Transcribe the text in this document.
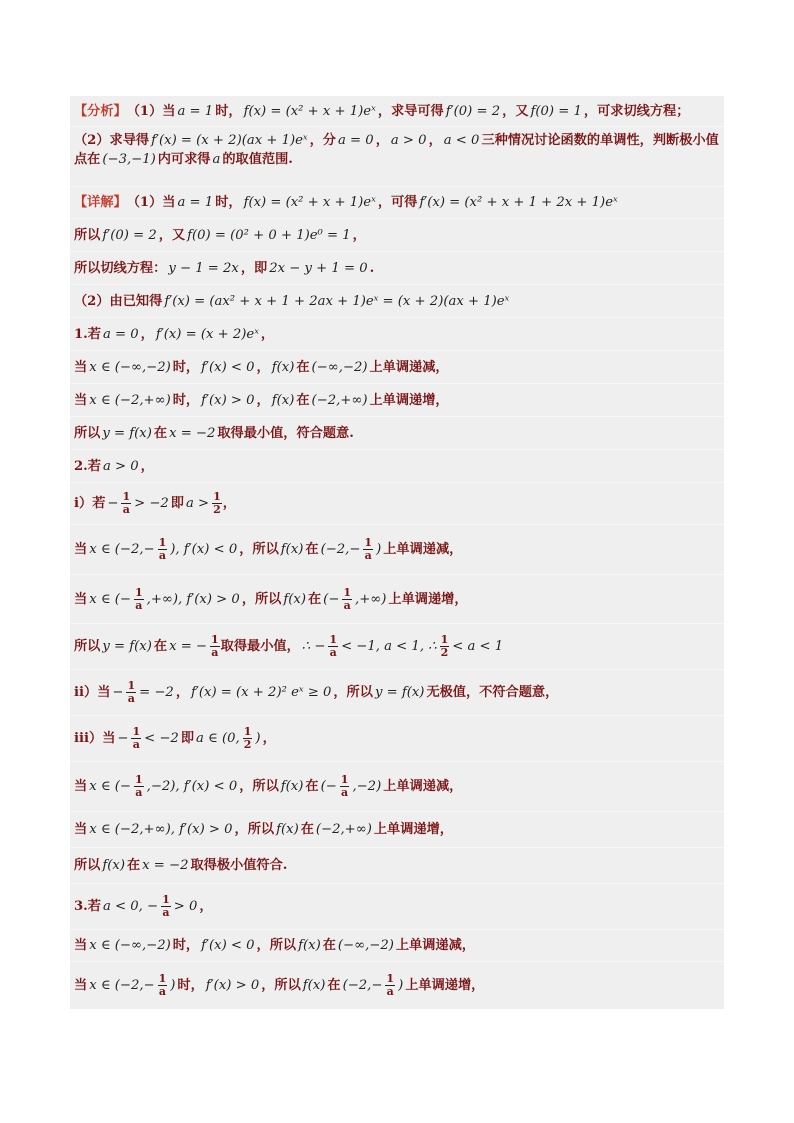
【分析】 （1）当 a = 1 时， f(x) = (x² + x + 1)eˣ ，求导可得 f′(0) = 2 ，又 f(0) = 1 ，可求切线方程；
（2）求导得 f′(x) = (x + 2)(ax + 1)eˣ ，分 a = 0 ， a > 0 ， a < 0 三种情况讨论函数的单调性，判断极小值点在 (−3,−1) 内可求得 a 的取值范围.
【详解】 （1）当 a = 1 时， f(x) = (x² + x + 1)eˣ ，可得 f′(x) = (x² + x + 1 + 2x + 1)eˣ
所以 f′(0) = 2 ，又 f(0) = (0² + 0 + 1)e⁰ = 1 ，
所以切线方程： y − 1 = 2x ，即 2x − y + 1 = 0 .
（2）由已知得 f′(x) = (ax² + x + 1 + 2ax + 1)eˣ = (x + 2)(ax + 1)eˣ
1.若 a = 0 ， f′(x) = (x + 2)eˣ ，
当 x ∈ (−∞,−2) 时， f′(x) < 0 ， f(x) 在 (−∞,−2) 上单调递减，
当 x ∈ (−2,+∞) 时， f′(x) > 0 ， f(x) 在 (−2,+∞) 上单调递增，
所以 y = f(x) 在 x = −2 取得最小值，符合题意.
2.若 a > 0 ，
i）若 − $\frac{1}{a} > -2$ 即 $a > \frac{1}{2}$ ，
当 x ∈ ($-2,- \frac{1}{a}$ ), f′(x) < 0 ，所以 f(x) 在 ($-2,- \frac{1}{a}$ ) 上单调递减，
当 x ∈ (− $\frac{1}{a}$ ,+∞), f′(x) > 0 ，所以 f(x) 在 (− $\frac{1}{a}$ ,+∞) 上单调递增，
所以 y = f(x) 在 x = − $\frac{1}{a}$ 取得最小值， ∴ − $\frac{1}{a} < -1$, a < 1, ∴ $\frac{1}{2} < a < 1$
ii）当 − $\frac{1}{a} = -2$ ， f′(x) = (x + 2)² eˣ ≥ 0 ，所以 y = f(x) 无极值，不符合题意，
iii）当 − $\frac{1}{a} < -2$ 即 a ∈ (0, $\frac{1}{2}$ ) ，
当 x ∈ (− $\frac{1}{a} ,-2$), f′(x) < 0 ，所以 f(x) 在 (− $\frac{1}{a} ,-2$) 上单调递减，
当 x ∈ (−2,+∞), f′(x) > 0 ，所以 f(x) 在 (−2,+∞) 上单调递增，
所以 f(x) 在 x = −2 取得极小值符合.
3.若 a < 0, − $\frac{1}{a} > 0$ ，
当 x ∈ (−∞,−2) 时， f′(x) < 0 ，所以 f(x) 在 (−∞,−2) 上单调递减，
当 x ∈ ($-2,- \frac{1}{a}$ ) 时， f′(x) > 0 ，所以 f(x) 在 ($-2,- \frac{1}{a}$ ) 上单调递增，
